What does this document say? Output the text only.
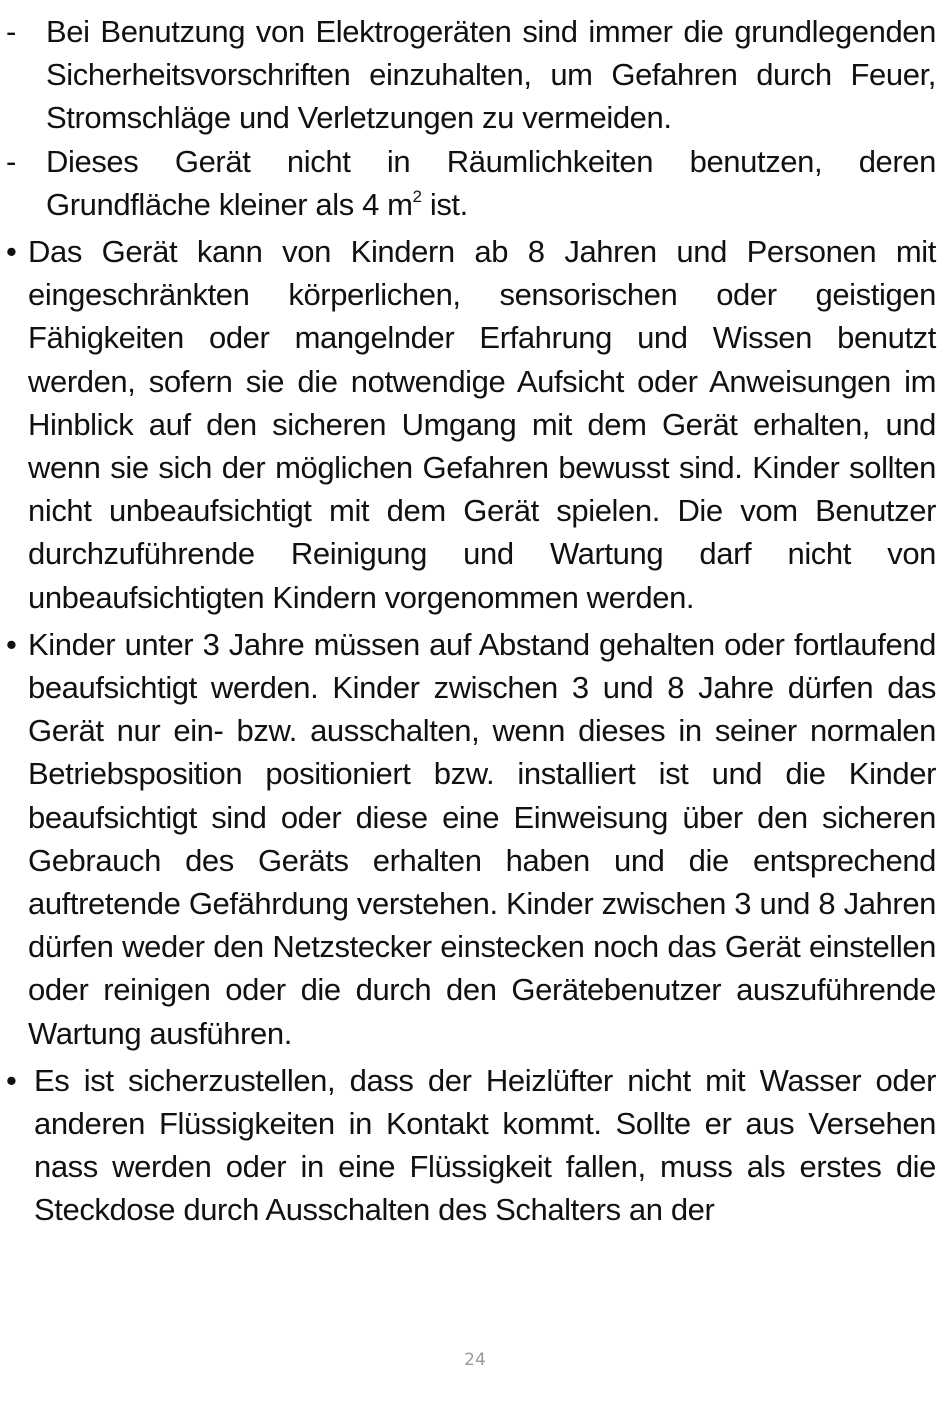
- Bei Benutzung von Elektrogeräten sind immer die grundlegenden Sicherheitsvorschriften einzuhalten, um Gefahren durch Feuer, Stromschläge und Verletzungen zu vermeiden.
- Dieses Gerät nicht in Räumlichkeiten benutzen, deren Grundfläche kleiner als 4 $m^2$ ist.
• Das Gerät kann von Kindern ab 8 Jahren und Personen mit eingeschränkten körperlichen, sensorischen oder geistigen Fähigkeiten oder mangelnder Erfahrung und Wissen benutzt werden, sofern sie die notwendige Aufsicht oder Anweisungen im Hinblick auf den sicheren Umgang mit dem Gerät erhalten, und wenn sie sich der möglichen Gefahren bewusst sind. Kinder sollten nicht unbeaufsichtigt mit dem Gerät spielen. Die vom Benutzer durchzuführende Reinigung und Wartung darf nicht von unbeaufsichtigten Kindern vorgenommen werden.
• Kinder unter 3 Jahre müssen auf Abstand gehalten oder fortlaufend beaufsichtigt werden. Kinder zwischen 3 und 8 Jahre dürfen das Gerät nur ein- bzw. ausschalten, wenn dieses in seiner normalen Betriebsposition positioniert bzw. installiert ist und die Kinder beaufsichtigt sind oder diese eine Einweisung über den sicheren Gebrauch des Geräts erhalten haben und die entsprechend auftretende Gefährdung verstehen. Kinder zwischen 3 und 8 Jahren dürfen weder den Netzstecker einstecken noch das Gerät einstellen oder reinigen oder die durch den Gerätebenutzer auszuführende Wartung ausführen.
• Es ist sicherzustellen, dass der Heizlüfter nicht mit Wasser oder anderen Flüssigkeiten in Kontakt kommt. Sollte er aus Versehen nass werden oder in eine Flüssigkeit fallen, muss als erstes die Steckdose durch Ausschalten des Schalters an der
24
